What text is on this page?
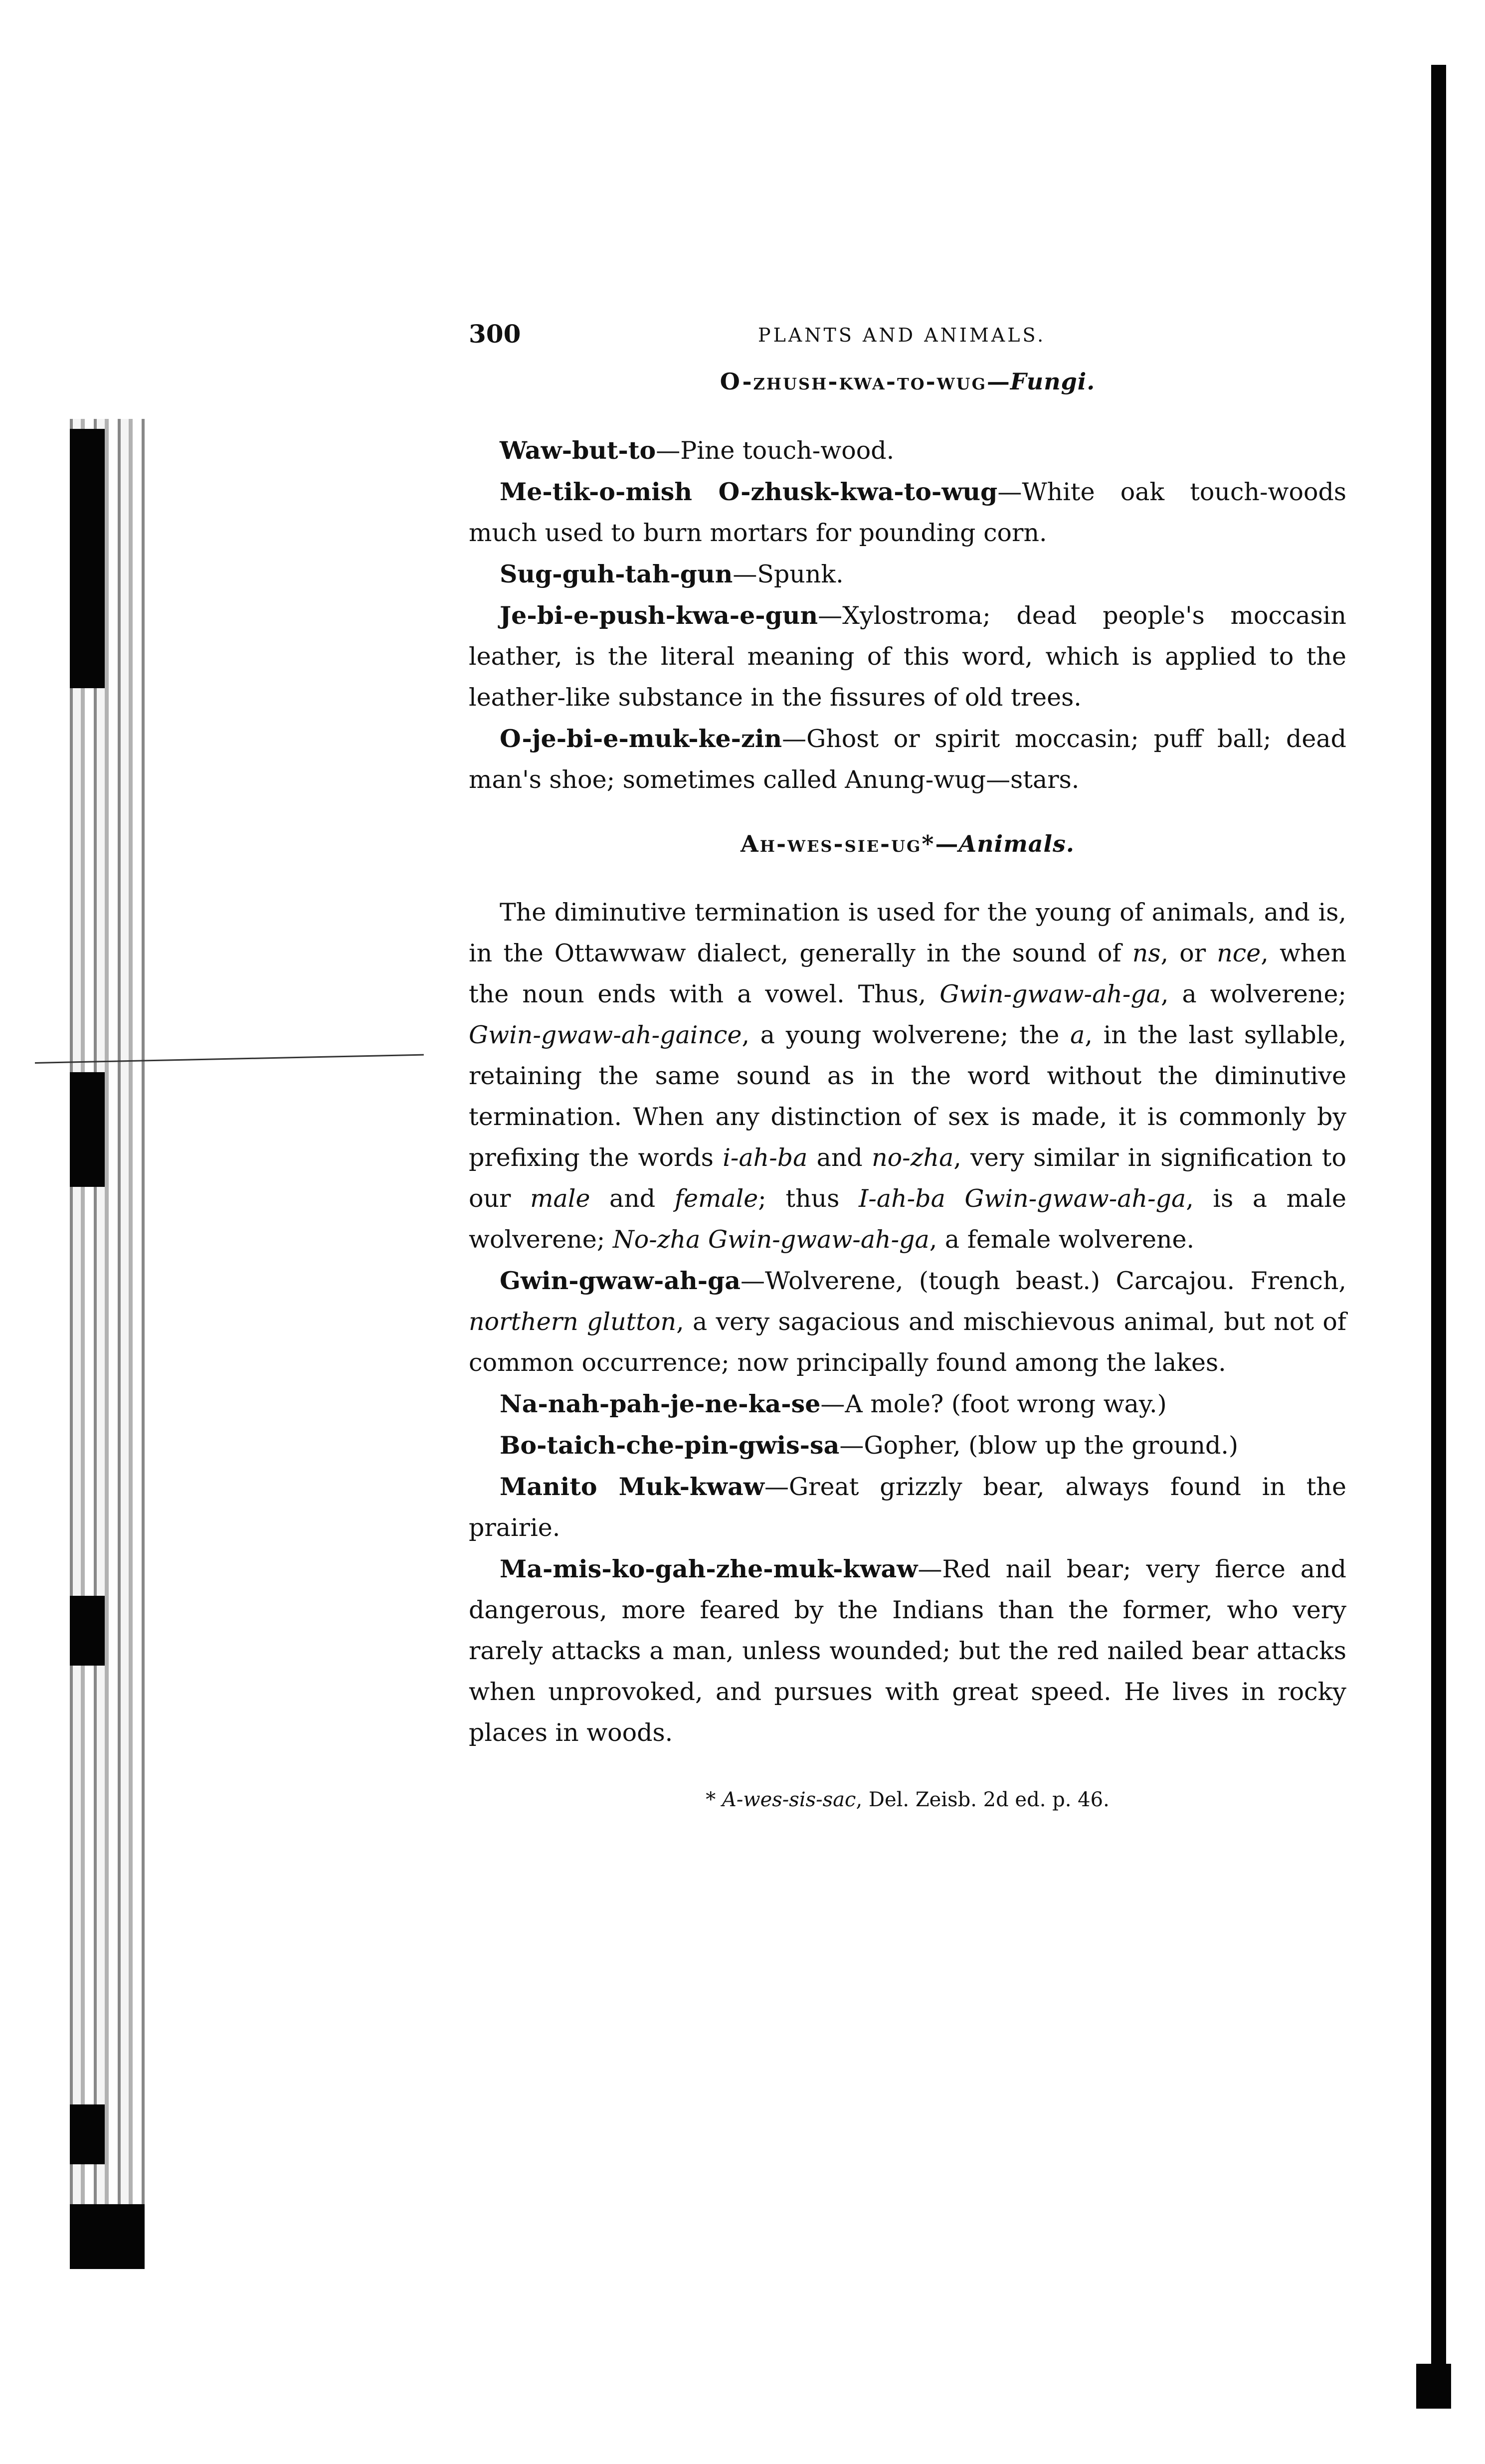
300	PLANTS AND ANIMALS.
O-zhush-kwa-to-wug—Fungi.

Waw-but-to—Pine touch-wood.

Me-tik-o-mish O-zhusk-kwa-to-wug—White oak touch-woods much used to burn mortars for pounding corn.

Sug-guh-tah-gun—Spunk.

Je-bi-e-push-kwa-e-gun—Xylostroma; dead people's moccasin leather, is the literal meaning of this word, which is applied to the leather-like substance in the fissures of old trees.

O-je-bi-e-muk-ke-zin—Ghost or spirit moccasin; puff ball; dead man's shoe; sometimes called Anung-wug—stars.

Ah-wes-sie-ug*—Animals.

The diminutive termination is used for the young of animals, and is, in the Ottawwaw dialect, generally in the sound of ns, or nce, when the noun ends with a vowel. Thus, Gwin-gwaw-ah-ga, a wolverene; Gwin-gwaw-ah-gaince, a young wolverene; the a, in the last syllable, retaining the same sound as in the word without the diminutive termination. When any distinction of sex is made, it is commonly by prefixing the words i-ah-ba and no-zha, very similar in signification to our male and female; thus I-ah-ba Gwin-gwaw-ah-ga, is a male wolverene; No-zha Gwin-gwaw-ah-ga, a female wolverene.

Gwin-gwaw-ah-ga—Wolverene, (tough beast.) Carcajou. French, northern glutton, a very sagacious and mischievous animal, but not of common occurrence; now principally found among the lakes.

Na-nah-pah-je-ne-ka-se—A mole? (foot wrong way.)

Bo-taich-che-pin-gwis-sa—Gopher, (blow up the ground.)

Manito Muk-kwaw—Great grizzly bear, always found in the prairie.

Ma-mis-ko-gah-zhe-muk-kwaw—Red nail bear; very fierce and dangerous, more feared by the Indians than the former, who very rarely attacks a man, unless wounded; but the red nailed bear attacks when unprovoked, and pursues with great speed. He lives in rocky places in woods.

* A-wes-sis-sac, Del. Zeisb. 2d ed. p. 46.
